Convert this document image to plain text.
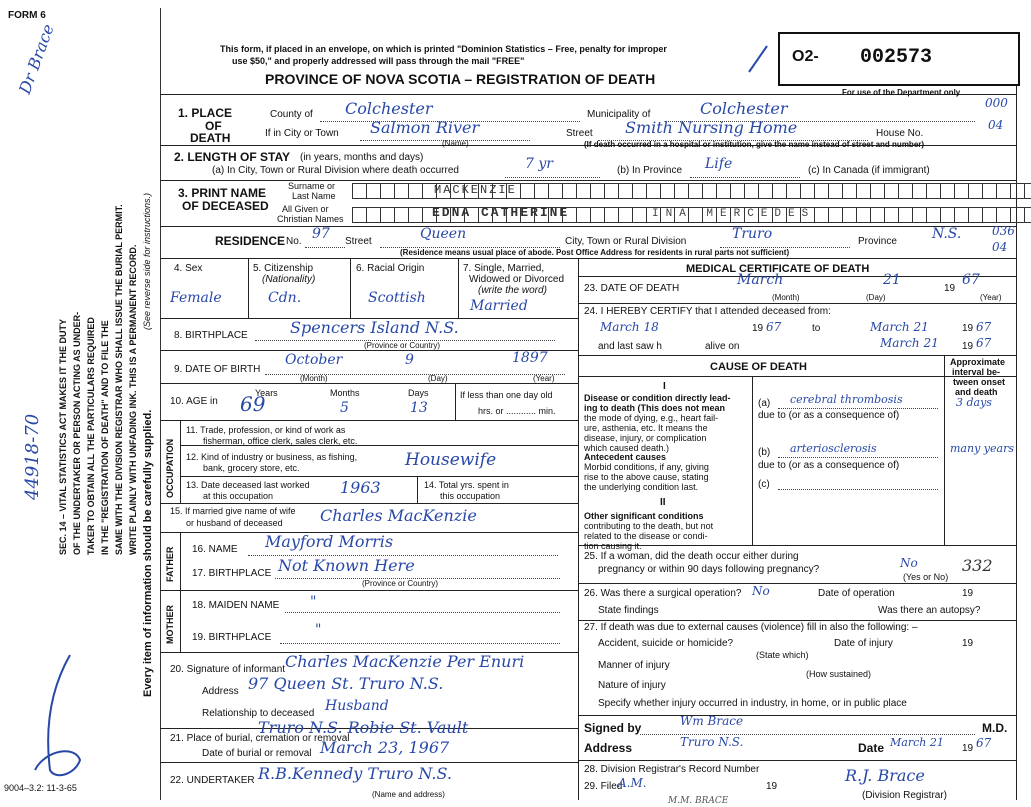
FORM 6
This form, if placed in an envelope, on which is printed "Dominion Statistics – Free, penalty for improper
use $50," and properly addressed will pass through the mail "FREE"
PROVINCE OF NOVA SCOTIA – REGISTRATION OF DEATH
O2- 002573
For use of the Department only
000
04
SEC. 14 – VITAL STATISTICS ACT MAKES IT THE DUTY OF THE UNDERTAKER OR PERSON ACTING AS UNDER- TAKER TO OBTAIN ALL THE PARTICULARS REQUIRED IN THE "REGISTRATION OF DEATH" AND TO FILE THE SAME WITH THE DIVISION REGISTRAR WHO SHALL ISSUE THE BURIAL PERMIT. WRITE PLAINLY WITH UNFADING INK. THIS IS A PERMANENT RECORD. Every item of information should be carefully supplied.
(See reverse side for instructions.)
44918-70
Dr Brace
1. PLACE
OF
DEATH
County of Colchester	Municipality of	Colchester
If in City or Town Salmon River
(Name)
Street Smith Nursing Home	House No.
(If death occurred in a hospital or institution, give the name instead of street and number)
2. LENGTH OF STAY (in years, months and days)
(a) In City, Town or Rural Division where death occurred	7 yr	(b) In Province Life	(c) In Canada (if immigrant)
3. PRINT NAME
OF DECEASED
Surname or
Last Name
All Given or
Christian Names
MACKENZIE
EDNA CATHERINE	INA MERCEDES
RESIDENCE No. 97 Street	Queen	City, Town or Rural Division	Truro	Province	N.S.	036
04
(Residence means usual place of abode. Post Office Address for residents in rural parts not sufficient)
4. Sex
Female
5. Citizenship
(Nationality)
Cdn.
6. Racial Origin
Scottish
7. Single, Married,
Widowed or Divorced
(write the word)
Married
8. BIRTHPLACE	Spencers Island N.S.
(Province or Country)
9. DATE OF BIRTH
October	9	1897
(Month)	(Day)	(Year)
10. AGE in
Years	Months	Days
69	5	13
If less than one day old
hrs. or ............ min.
OCCUPATION
11. Trade, profession, or kind of work as
fisherman, office clerk, sales clerk, etc.
12. Kind of industry or business, as fishing,
bank, grocery store, etc.	Housewife
13. Date deceased last worked
at this occupation	1963	14. Total yrs. spent in
this occupation
15. If married give name of wife
or husband of deceased Charles MacKenzie
FATHER 16. NAME Mayford Morris
17. BIRTHPLACE Not Known Here
(Province or Country)
MOTHER 18. MAIDEN NAME "
19. BIRTHPLACE	"
20. Signature of informant Charles MacKenzie Per Enuri
Address 97 Queen St. Truro N.S.
Relationship to deceased Husband
21. Place of burial, cremation or removal
Truro N.S. Robie St. Vault
Date of burial or removal March 23, 1967
22. UNDERTAKER R.B.Kennedy Truro N.S.
(Name and address)
9004–3.2: 11-3-65
MEDICAL CERTIFICATE OF DEATH
23. DATE OF DEATH
March	21
19
67
(Month)	(Day)	(Year)
24. I HEREBY CERTIFY that I attended deceased from:
March 18	19 67	to	March 21	19 67
and last saw h	alive on	March 21 19 67
CAUSE OF DEATH	Approximate
interval be-
tween onset
and death
I
Disease or condition directly lead-
ing to death (This does not mean
the mode of dying, e.g., heart fail-
ure, asthenia, etc. It means the
disease, injury, or complication
which caused death.)
(a) cerebral thrombosis	3 days
due to (or as a consequence of)
Antecedent causes
Morbid conditions, if any, giving
rise to the above cause, stating
the underlying condition last.
(b) arteriosclerosis	many years
due to (or as a consequence of)
(c)
II
Other significant conditions
contributing to the death, but not
related to the disease or condi-
tion causing it.
25. If a woman, did the death occur either during
pregnancy or within 90 days following pregnancy?	No
(Yes or No)
332
26. Was there a surgical operation? No	Date of operation	19
State findings	Was there an autopsy?
27. If death was due to external causes (violence) fill in also the following: –
Accident, suicide or homicide?	Date of injury	19
(State which)
Manner of injury
(How sustained)
Nature of injury
Specify whether injury occurred in industry, in home, or in public place
Signed by	Wm Brace	M.D.
Address	Truro N.S.	Date March 21 19 67
28. Division Registrar's Record Number
29. Filed
A.M.	19
R.J. Brace
(Division Registrar)
M.M. BRACE
